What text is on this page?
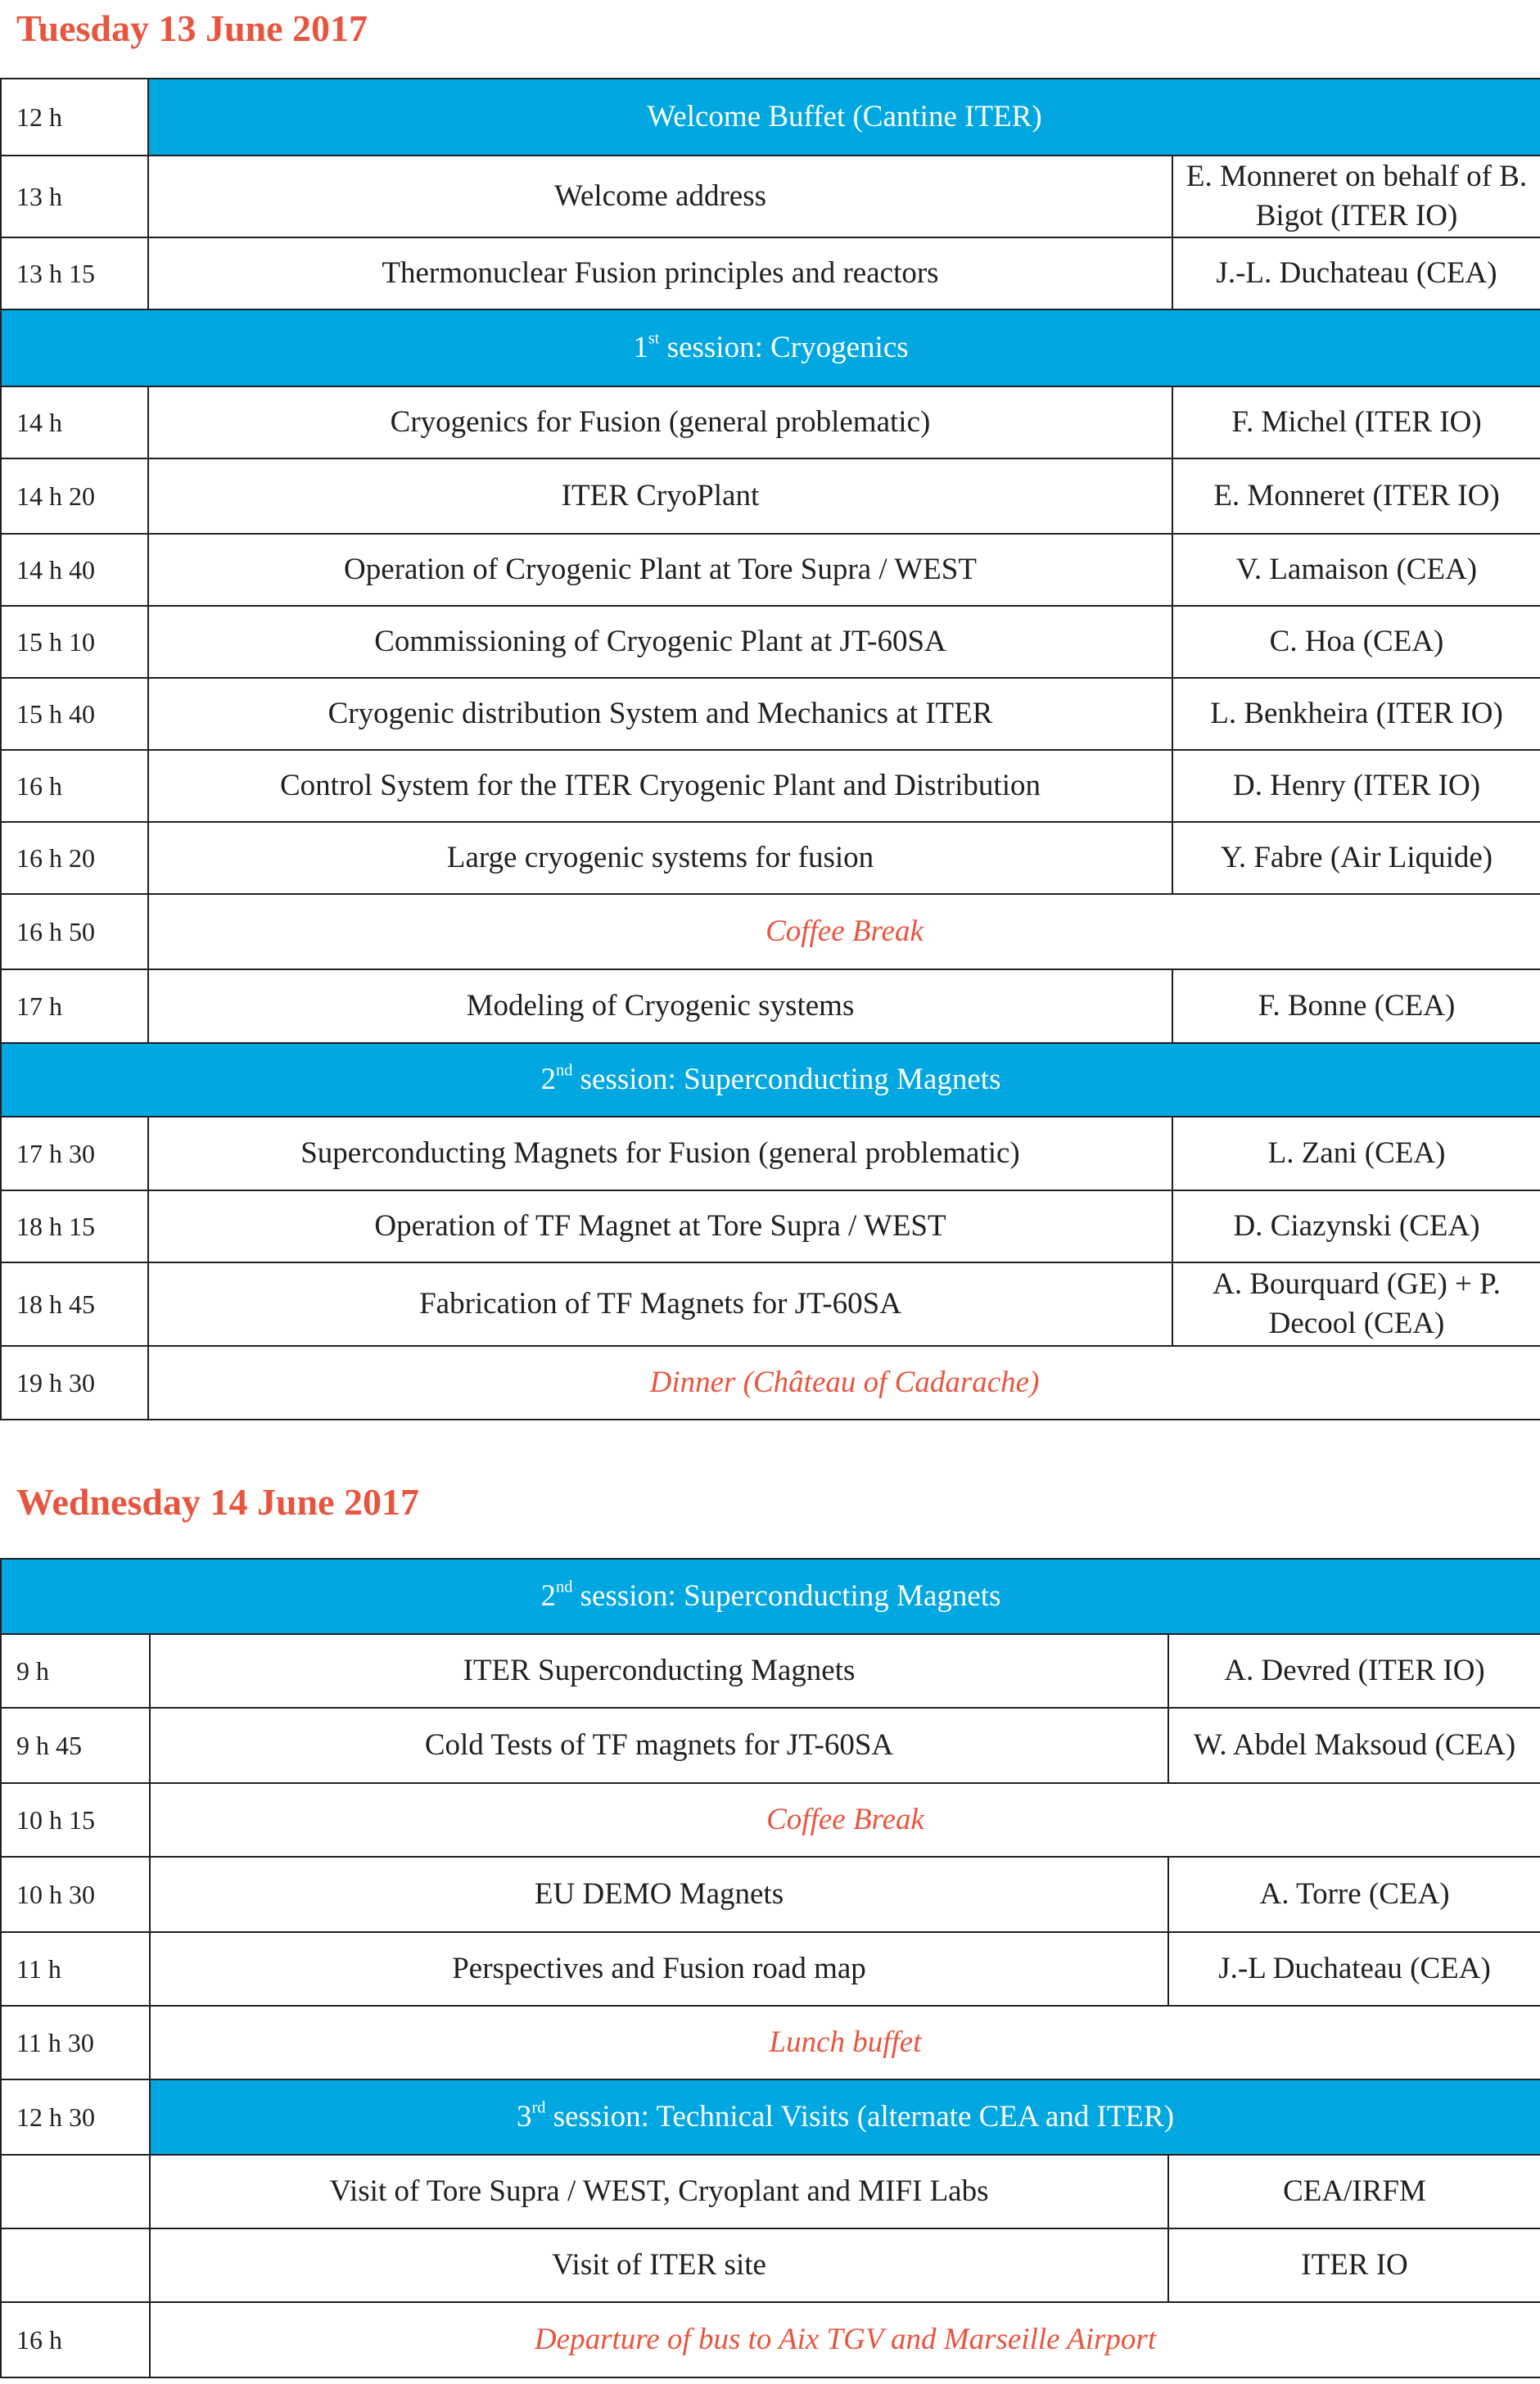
Tuesday 13 June 2017
12 h	Welcome Buffet (Cantine ITER)	
13 h	Welcome address	E. Monneret on behalf of B. Bigot (ITER IO)
13 h 15	Thermonuclear Fusion principles and reactors	J.-L. Duchateau (CEA)
1st session: Cryogenics		
14 h	Cryogenics for Fusion (general problematic)	F. Michel (ITER IO)
14 h 20	ITER CryoPlant	E. Monneret (ITER IO)
14 h 40	Operation of Cryogenic Plant at Tore Supra / WEST	V. Lamaison (CEA)
15 h 10	Commissioning of Cryogenic Plant at JT-60SA	C. Hoa (CEA)
15 h 40	Cryogenic distribution System and Mechanics at ITER	L. Benkheira (ITER IO)
16 h	Control System for the ITER Cryogenic Plant and Distribution	D. Henry (ITER IO)
16 h 20	Large cryogenic systems for fusion	Y. Fabre (Air Liquide)
16 h 50	Coffee Break	
17 h	Modeling of Cryogenic systems	F. Bonne (CEA)
2nd session: Superconducting Magnets		
17 h 30	Superconducting Magnets for Fusion (general problematic)	L. Zani (CEA)
18 h 15	Operation of TF Magnet at Tore Supra / WEST	D. Ciazynski (CEA)
18 h 45	Fabrication of TF Magnets for JT-60SA	A. Bourquard (GE) + P. Decool (CEA)
19 h 30	Dinner (Château of Cadarache)	
Wednesday 14 June 2017
2nd session: Superconducting Magnets		
9 h	ITER Superconducting Magnets	A. Devred (ITER IO)
9 h 45	Cold Tests of TF magnets for JT-60SA	W. Abdel Maksoud (CEA)
10 h 15	Coffee Break	
10 h 30	EU DEMO Magnets	A. Torre (CEA)
11 h	Perspectives and Fusion road map	J.-L Duchateau (CEA)
11 h 30	Lunch buffet	
12 h 30	3rd session: Technical Visits (alternate CEA and ITER)	
	Visit of Tore Supra / WEST, Cryoplant and MIFI Labs	CEA/IRFM
	Visit of ITER site	ITER IO
16 h	Departure of bus to Aix TGV and Marseille Airport	
